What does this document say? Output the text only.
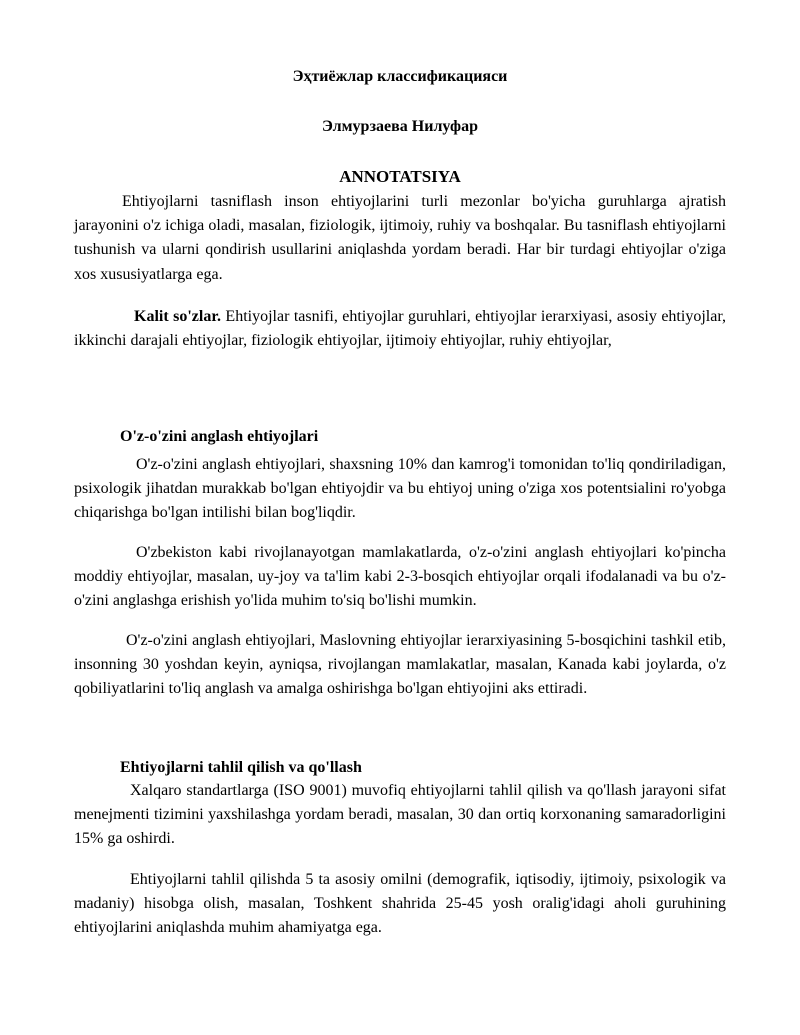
Эҳтиёжлар классификацияси
Элмурзаева Нилуфар
ANNOTATSIYA

Ehtiyojlarni tasniflash inson ehtiyojlarini turli mezonlar bo'yicha guruhlarga ajratish jarayonini o'z ichiga oladi, masalan, fiziologik, ijtimoiy, ruhiy va boshqalar. Bu tasniflash ehtiyojlarni tushunish va ularni qondirish usullarini aniqlashda yordam beradi. Har bir turdagi ehtiyojlar o'ziga xos xususiyatlarga ega.

Kalit so'zlar. Ehtiyojlar tasnifi, ehtiyojlar guruhlari, ehtiyojlar ierarxiyasi, asosiy ehtiyojlar, ikkinchi darajali ehtiyojlar, fiziologik ehtiyojlar, ijtimoiy ehtiyojlar, ruhiy ehtiyojlar,

O'z-o'zini anglash ehtiyojlari

O'z-o'zini anglash ehtiyojlari, shaxsning 10% dan kamrog'i tomonidan to'liq qondiriladigan, psixologik jihatdan murakkab bo'lgan ehtiyojdir va bu ehtiyoj uning o'ziga xos potentsialini ro'yobga chiqarishga bo'lgan intilishi bilan bog'liqdir.

O'zbekiston kabi rivojlanayotgan mamlakatlarda, o'z-o'zini anglash ehtiyojlari ko'pincha moddiy ehtiyojlar, masalan, uy-joy va ta'lim kabi 2-3-bosqich ehtiyojlar orqali ifodalanadi va bu o'z-o'zini anglashga erishish yo'lida muhim to'siq bo'lishi mumkin.

O'z-o'zini anglash ehtiyojlari, Maslovning ehtiyojlar ierarxiyasining 5-bosqichini tashkil etib, insonning 30 yoshdan keyin, ayniqsa, rivojlangan mamlakatlar, masalan, Kanada kabi joylarda, o'z qobiliyatlarini to'liq anglash va amalga oshirishga bo'lgan ehtiyojini aks ettiradi.

Ehtiyojlarni tahlil qilish va qo'llash

Xalqaro standartlarga (ISO 9001) muvofiq ehtiyojlarni tahlil qilish va qo'llash jarayoni sifat menejmenti tizimini yaxshilashga yordam beradi, masalan, 30 dan ortiq korxonaning samaradorligini 15% ga oshirdi.

Ehtiyojlarni tahlil qilishda 5 ta asosiy omilni (demografik, iqtisodiy, ijtimoiy, psixologik va madaniy) hisobga olish, masalan, Toshkent shahrida 25-45 yosh oralig'idagi aholi guruhining ehtiyojlarini aniqlashda muhim ahamiyatga ega.
